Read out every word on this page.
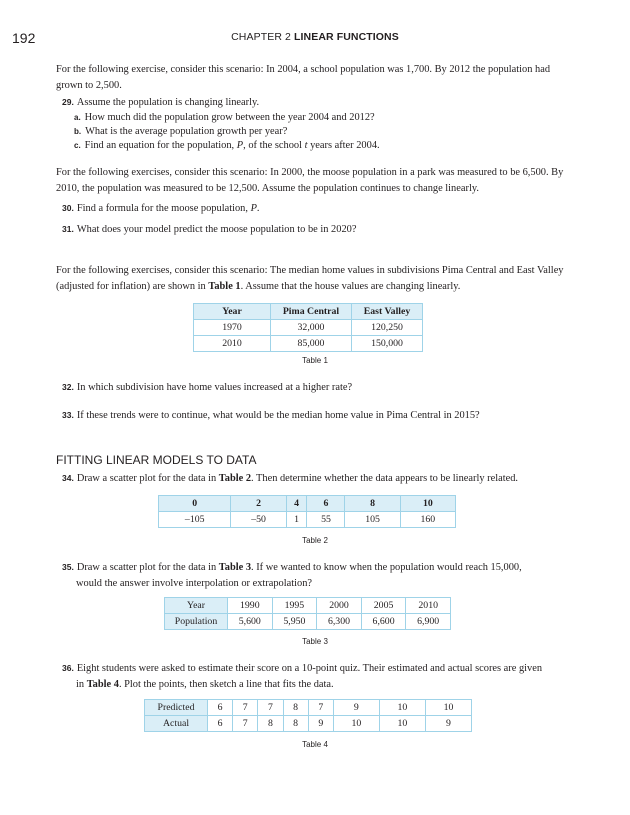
192	CHAPTER 2 LINEAR FUNCTIONS
For the following exercise, consider this scenario: In 2004, a school population was 1,700. By 2012 the population had grown to 2,500.
29. Assume the population is changing linearly.
a. How much did the population grow between the year 2004 and 2012?
b. What is the average population growth per year?
c. Find an equation for the population, P, of the school t years after 2004.
For the following exercises, consider this scenario: In 2000, the moose population in a park was measured to be 6,500. By 2010, the population was measured to be 12,500. Assume the population continues to change linearly.
30. Find a formula for the moose population, P.
31. What does your model predict the moose population to be in 2020?
For the following exercises, consider this scenario: The median home values in subdivisions Pima Central and East Valley (adjusted for inflation) are shown in Table 1. Assume that the house values are changing linearly.
Year	Pima Central	East Valley
1970	32,000	120,250
2010	85,000	150,000
Table 1
32. In which subdivision have home values increased at a higher rate?
33. If these trends were to continue, what would be the median home value in Pima Central in 2015?
FITTING LINEAR MODELS TO DATA
34. Draw a scatter plot for the data in Table 2. Then determine whether the data appears to be linearly related.
0	2	4	6	8	10
–105	–50	1	55	105	160
Table 2
35. Draw a scatter plot for the data in Table 3. If we wanted to know when the population would reach 15,000,
would the answer involve interpolation or extrapolation?
Year	1990	1995	2000	2005	2010
Population	5,600	5,950	6,300	6,600	6,900
Table 3
36. Eight students were asked to estimate their score on a 10-point quiz. Their estimated and actual scores are given
in Table 4. Plot the points, then sketch a line that fits the data.
Predicted	6	7	7	8	7	9	10	10
Actual	6	7	8	8	9	10	10	9
Table 4
